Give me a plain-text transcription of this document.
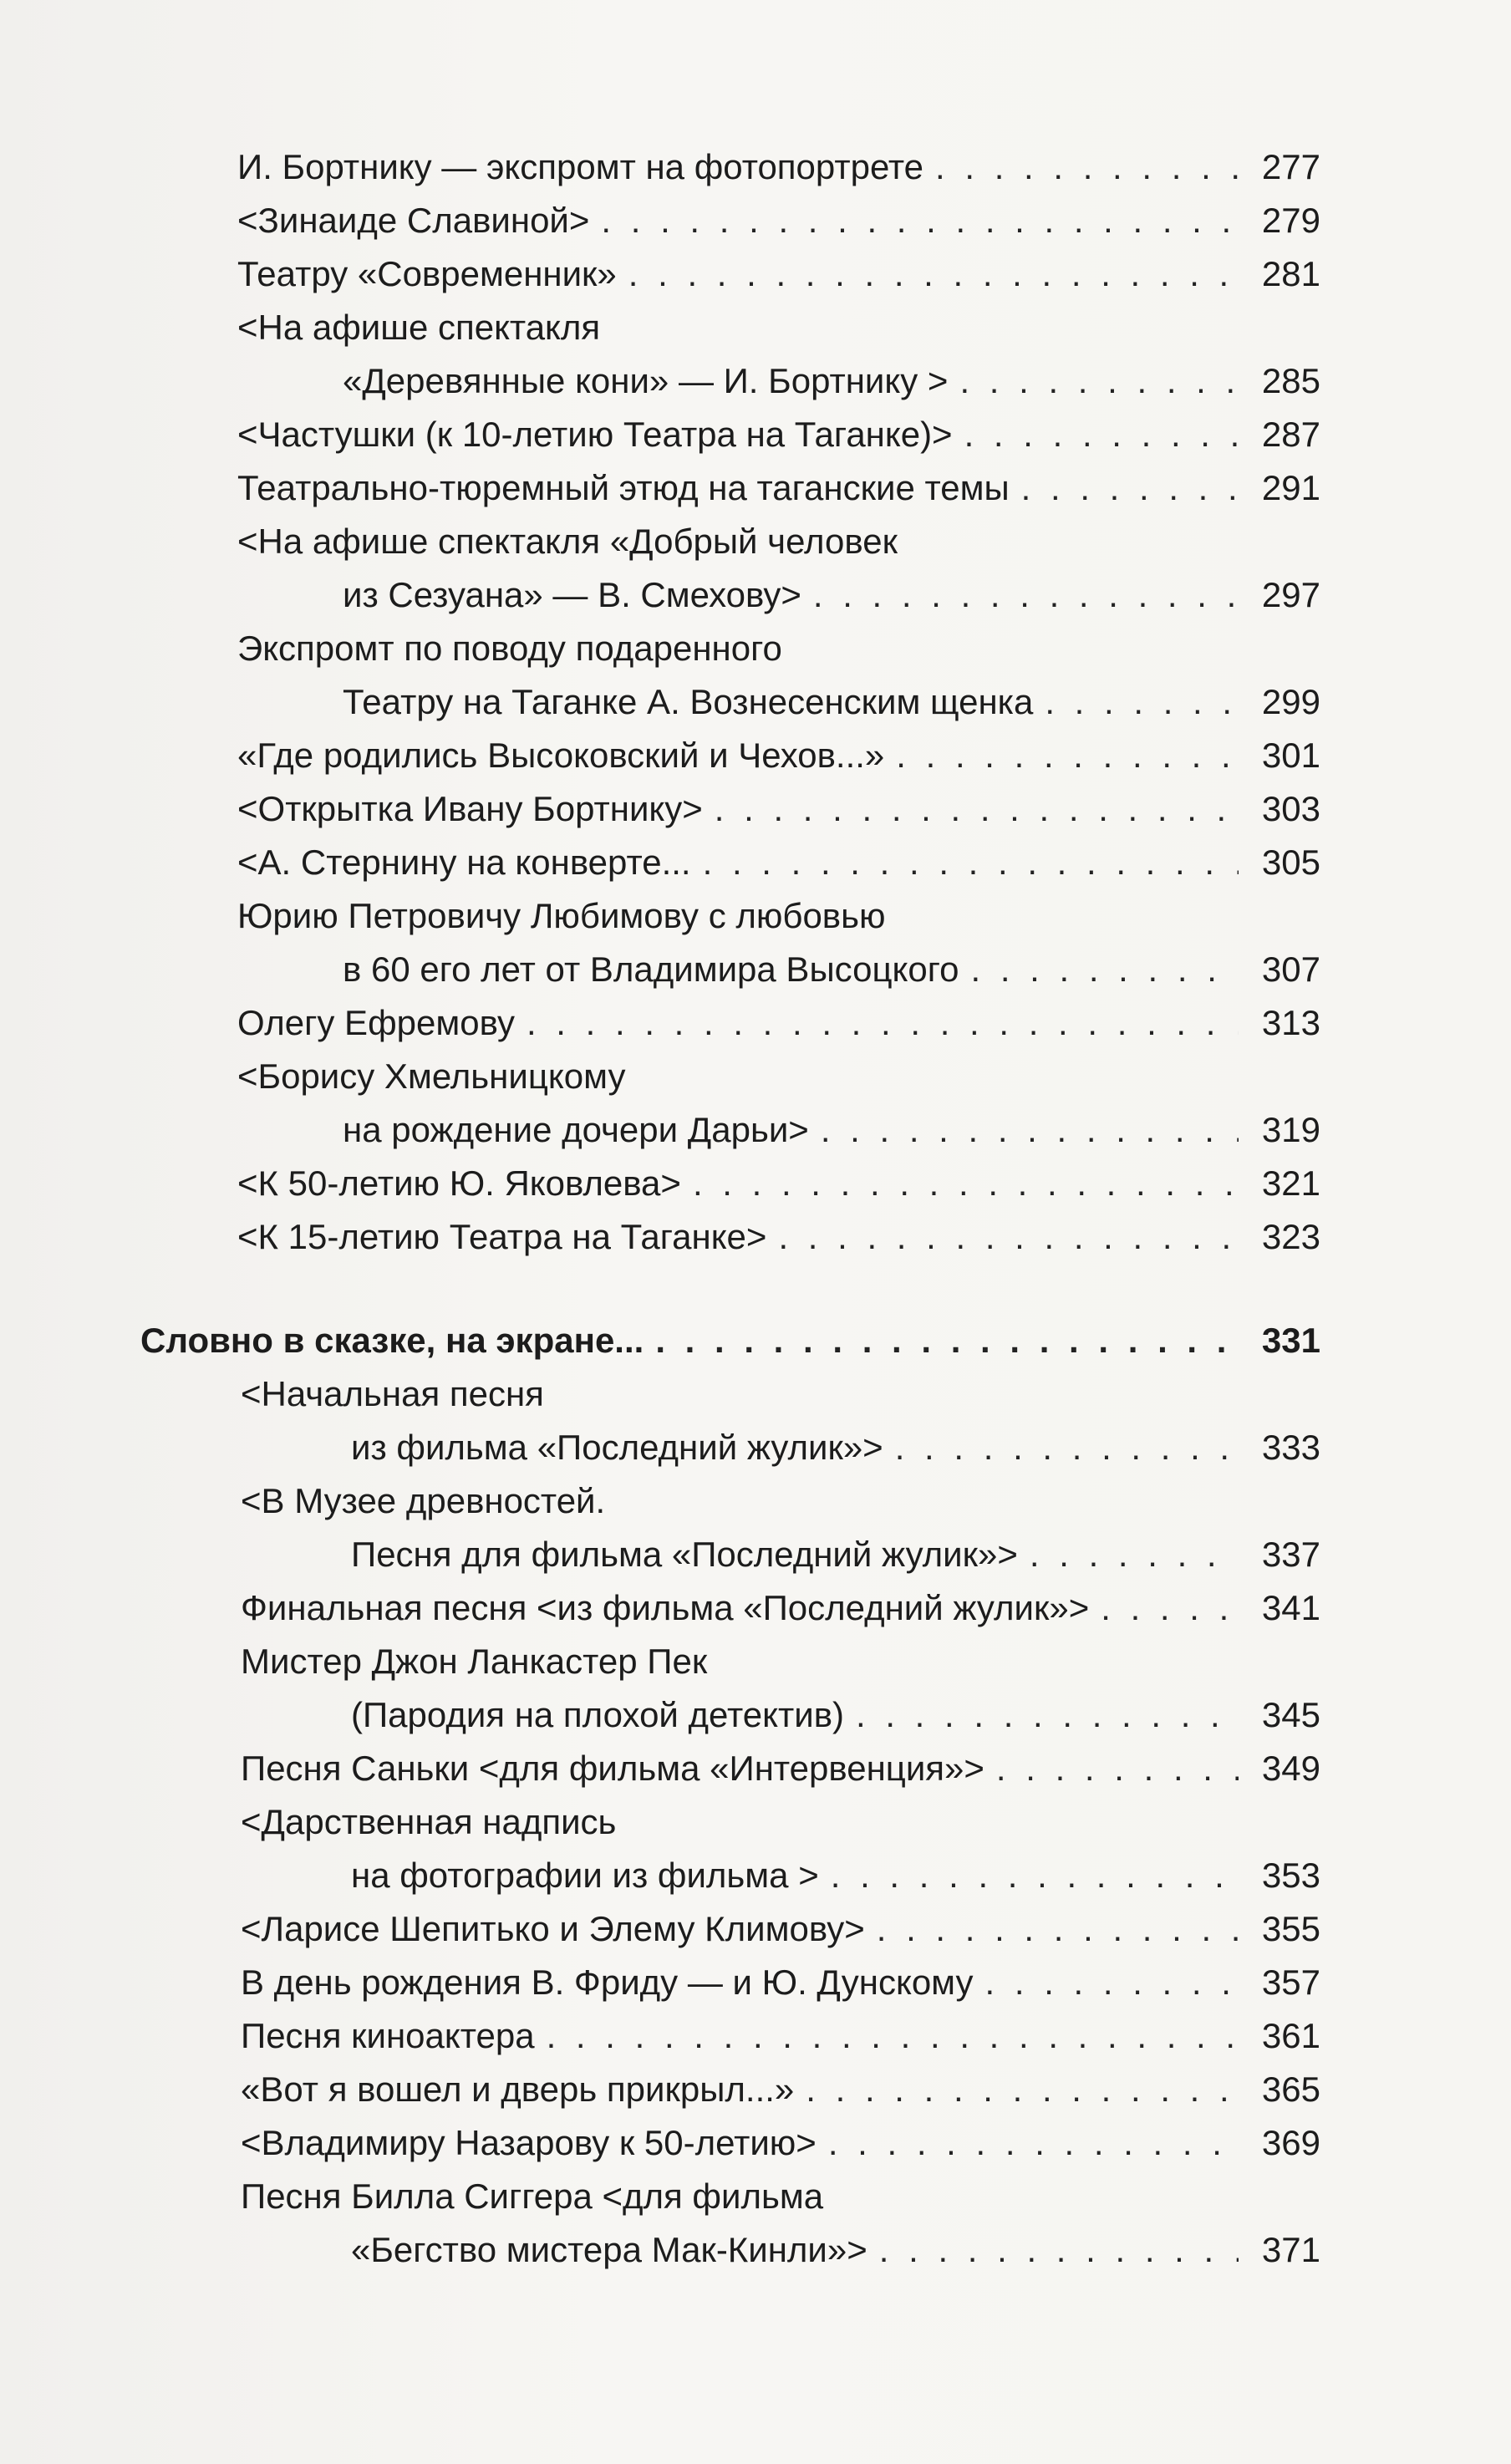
И. Бортнику — экспромт на фотопортрете . . .	277
<Зинаиде Славиной> . . .	279
Театру «Современник» . . .	281
<На афише спектакля
«Деревянные кони» — И. Бортнику > . . .	285
<Частушки (к 10-летию Театра на Таганке)> . . .	287
Театрально-тюремный этюд на таганские темы . . .	291
<На афише спектакля «Добрый человек
из Сезуана» — В. Смехову> . . .	297
Экспромт по поводу подаренного
Театру на Таганке А. Вознесенским щенка . . .	299
«Где родились Высоковский и Чехов...» . . .	301
<Открытка Ивану Бортнику> . . .	303
<А. Стернину на конверте... . . .	305
Юрию Петровичу Любимову с любовью
в 60 его лет от Владимира Высоцкого . . .	307
Олегу Ефремову . . .	313
<Борису Хмельницкому
на рождение дочери Дарьи> . . .	319
<К 50-летию Ю. Яковлева> . . .	321
<К 15-летию Театра на Таганке> . . .	323
Словно в сказке, на экране... . . .	331
<Начальная песня
из фильма «Последний жулик»> . . .	333
<В Музее древностей.
Песня для фильма «Последний жулик»> . . .	337
Финальная песня <из фильма «Последний жулик»> . . .	341
Мистер Джон Ланкастер Пек
(Пародия на плохой детектив) . . .	345
Песня Саньки <для фильма «Интервенция»> . . .	349
<Дарственная надпись
на фотографии из фильма > . . .	353
<Ларисе Шепитько и Элему Климову> . . .	355
В день рождения В. Фриду — и Ю. Дунскому . . .	357
Песня киноактера . . .	361
«Вот я вошел и дверь прикрыл...» . . .	365
<Владимиру Назарову к 50-летию> . . .	369
Песня Билла Сиггера <для фильма
«Бегство мистера Мак-Кинли»> . . .	371
